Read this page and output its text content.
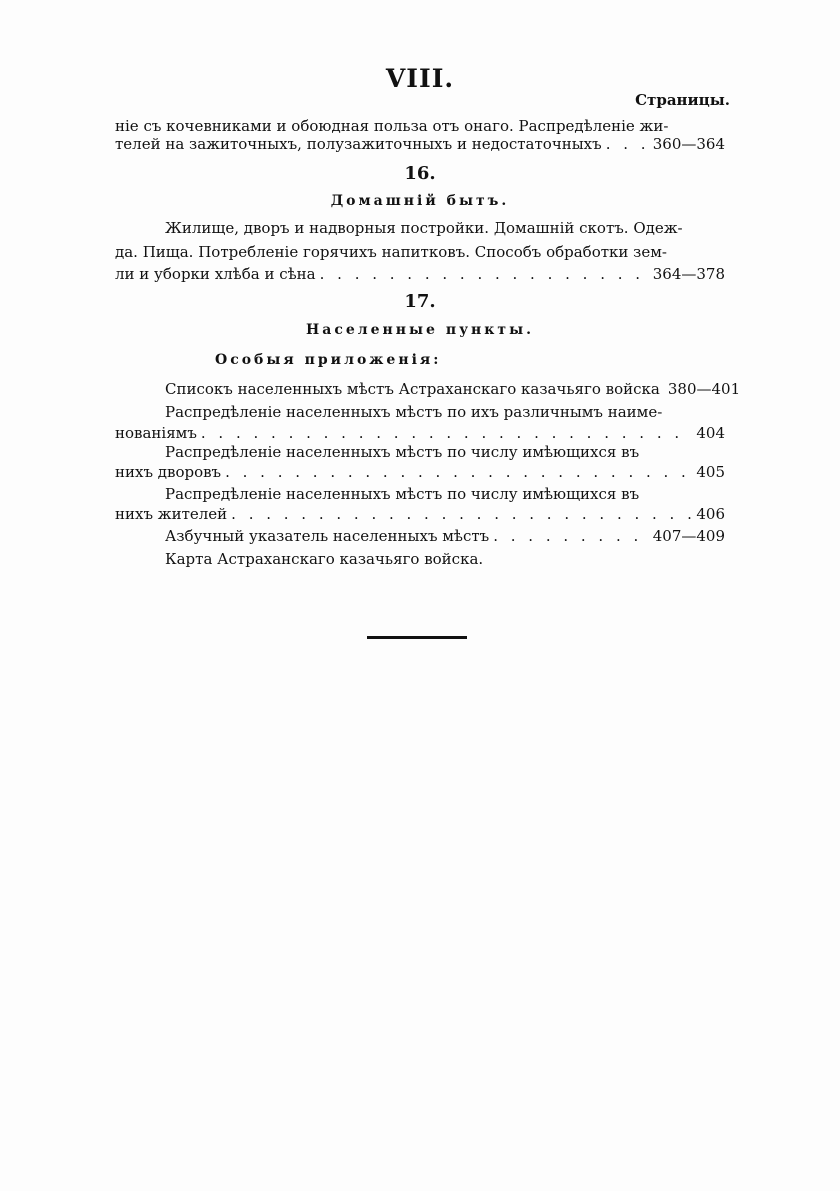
VIII.
Страницы.
ніе съ кочевниками и обоюдная польза отъ онаго. Распредѣленіе жи-
телей на зажиточныхъ, полузажиточныхъ и недостаточныхъ . . .	360—364
16.
Домашній бытъ.
Жилище, дворъ и надворныя постройки. Домашній скотъ. Одеж-
да. Пища. Потребленіе горячихъ напитковъ. Способъ обработки зем-
ли и уборки хлѣба и сѣна . . .	364—378
17.
Населенные пункты.
Особыя приложенія:
Списокъ населенныхъ мѣстъ Астраханскаго казачьяго войска 380—401
Распредѣленіе населенныхъ мѣстъ по ихъ различнымъ наиме-
нованіямъ . . .	404
Распредѣленіе населенныхъ мѣстъ по числу имѣющихся въ
нихъ дворовъ . . .	405
Распредѣленіе населенныхъ мѣстъ по числу имѣющихся въ
нихъ жителей . . .	406
Азбучный указатель населенныхъ мѣстъ . . .	407—409
Карта Астраханскаго казачьяго войска.
